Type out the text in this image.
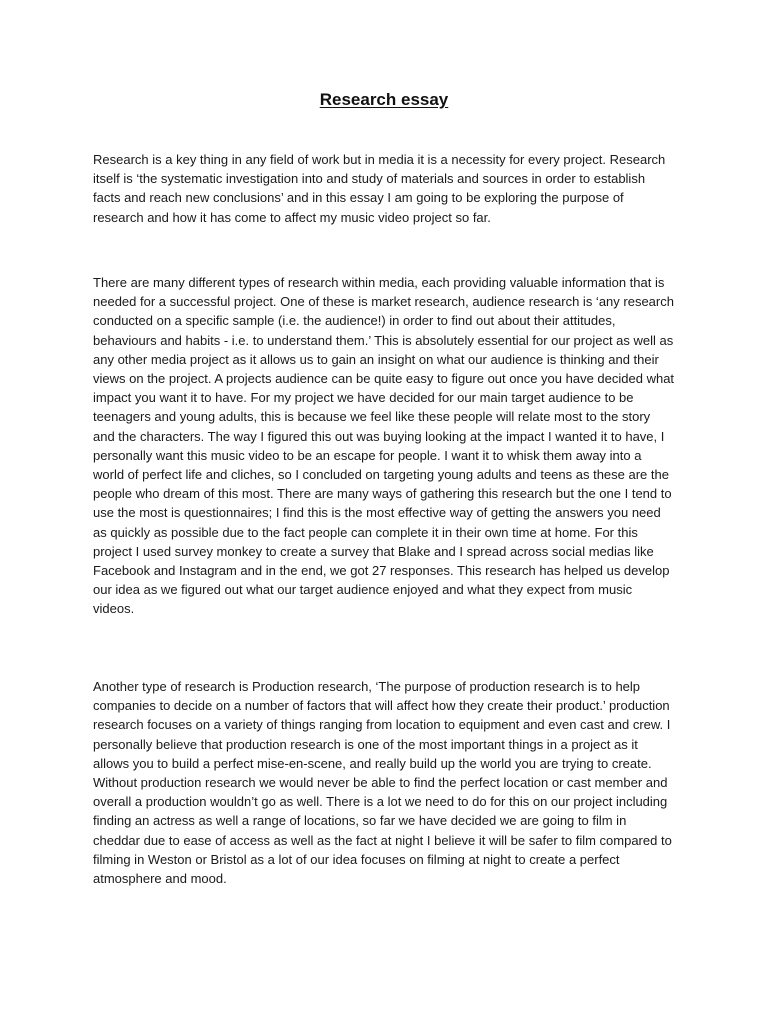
Research essay

Research is a key thing in any field of work but in media it is a necessity for every project. Research itself is ‘the systematic investigation into and study of materials and sources in order to establish facts and reach new conclusions’ and in this essay I am going to be exploring the purpose of research and how it has come to affect my music video project so far.

There are many different types of research within media, each providing valuable information that is needed for a successful project. One of these is market research, audience research is ‘any research conducted on a specific sample (i.e. the audience!) in order to find out about their attitudes, behaviours and habits - i.e. to understand them.’ This is absolutely essential for our project as well as any other media project as it allows us to gain an insight on what our audience is thinking and their views on the project. A projects audience can be quite easy to figure out once you have decided what impact you want it to have. For my project we have decided for our main target audience to be teenagers and young adults, this is because we feel like these people will relate most to the story and the characters. The way I figured this out was buying looking at the impact I wanted it to have, I personally want this music video to be an escape for people. I want it to whisk them away into a world of perfect life and cliches, so I concluded on targeting young adults and teens as these are the people who dream of this most. There are many ways of gathering this research but the one I tend to use the most is questionnaires; I find this is the most effective way of getting the answers you need as quickly as possible due to the fact people can complete it in their own time at home. For this project I used survey monkey to create a survey that Blake and I spread across social medias like Facebook and Instagram and in the end, we got 27 responses. This research has helped us develop our idea as we figured out what our target audience enjoyed and what they expect from music videos.

Another type of research is Production research, ‘The purpose of production research is to help companies to decide on a number of factors that will affect how they create their product.’ production research focuses on a variety of things ranging from location to equipment and even cast and crew. I personally believe that production research is one of the most important things in a project as it allows you to build a perfect mise-en-scene, and really build up the world you are trying to create. Without production research we would never be able to find the perfect location or cast member and overall a production wouldn’t go as well. There is a lot we need to do for this on our project including finding an actress as well a range of locations, so far we have decided we are going to film in cheddar due to ease of access as well as the fact at night I believe it will be safer to film compared to filming in Weston or Bristol as a lot of our idea focuses on filming at night to create a perfect atmosphere and mood.
